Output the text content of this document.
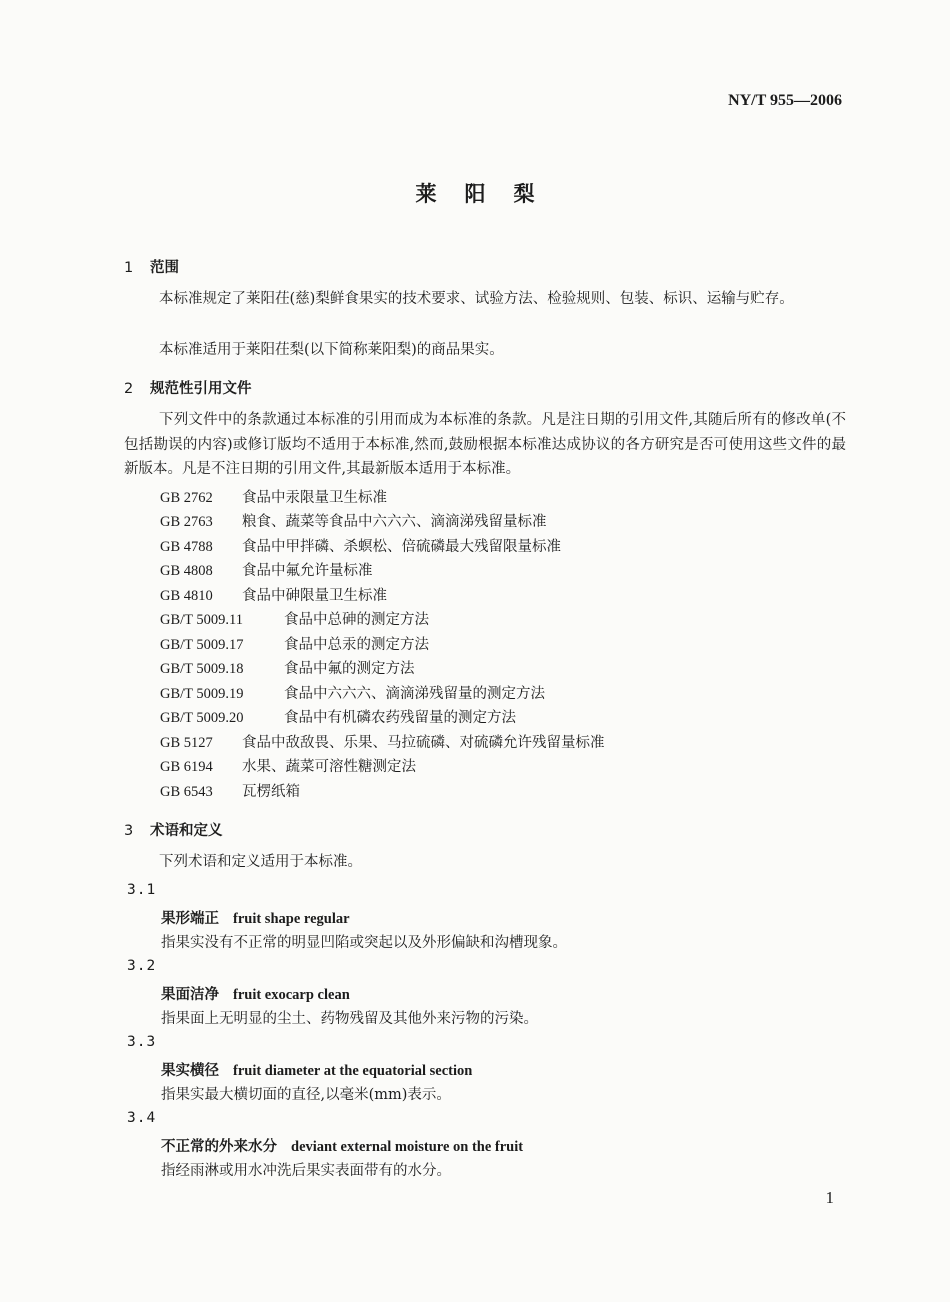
NY/T 955—2006
莱阳梨
1 范围
本标准规定了莱阳茌(慈)梨鲜食果实的技术要求、试验方法、检验规则、包装、标识、运输与贮存。
本标准适用于莱阳茌梨(以下简称莱阳梨)的商品果实。
2 规范性引用文件
下列文件中的条款通过本标准的引用而成为本标准的条款。凡是注日期的引用文件,其随后所有的修改单(不包括勘误的内容)或修订版均不适用于本标准,然而,鼓励根据本标准达成协议的各方研究是否可使用这些文件的最新版本。凡是不注日期的引用文件,其最新版本适用于本标准。
GB 2762 食品中汞限量卫生标准
GB 2763 粮食、蔬菜等食品中六六六、滴滴涕残留量标准
GB 4788 食品中甲拌磷、杀螟松、倍硫磷最大残留限量标准
GB 4808 食品中氟允许量标准
GB 4810 食品中砷限量卫生标准
GB/T 5009.11	食品中总砷的测定方法
GB/T 5009.17	食品中总汞的测定方法
GB/T 5009.18	食品中氟的测定方法
GB/T 5009.19	食品中六六六、滴滴涕残留量的测定方法
GB/T 5009.20	食品中有机磷农药残留量的测定方法
GB 5127 食品中敌敌畏、乐果、马拉硫磷、对硫磷允许残留量标准
GB 6194 水果、蔬菜可溶性糖测定法
GB 6543 瓦楞纸箱
3 术语和定义
下列术语和定义适用于本标准。
3.1
果形端正 fruit shape regular
指果实没有不正常的明显凹陷或突起以及外形偏缺和沟槽现象。
3.2
果面洁净 fruit exocarp clean
指果面上无明显的尘土、药物残留及其他外来污物的污染。
3.3
果实横径 fruit diameter at the equatorial section
指果实最大横切面的直径,以毫米(mm)表示。
3.4
不正常的外来水分 deviant external moisture on the fruit
指经雨淋或用水冲洗后果实表面带有的水分。
1
